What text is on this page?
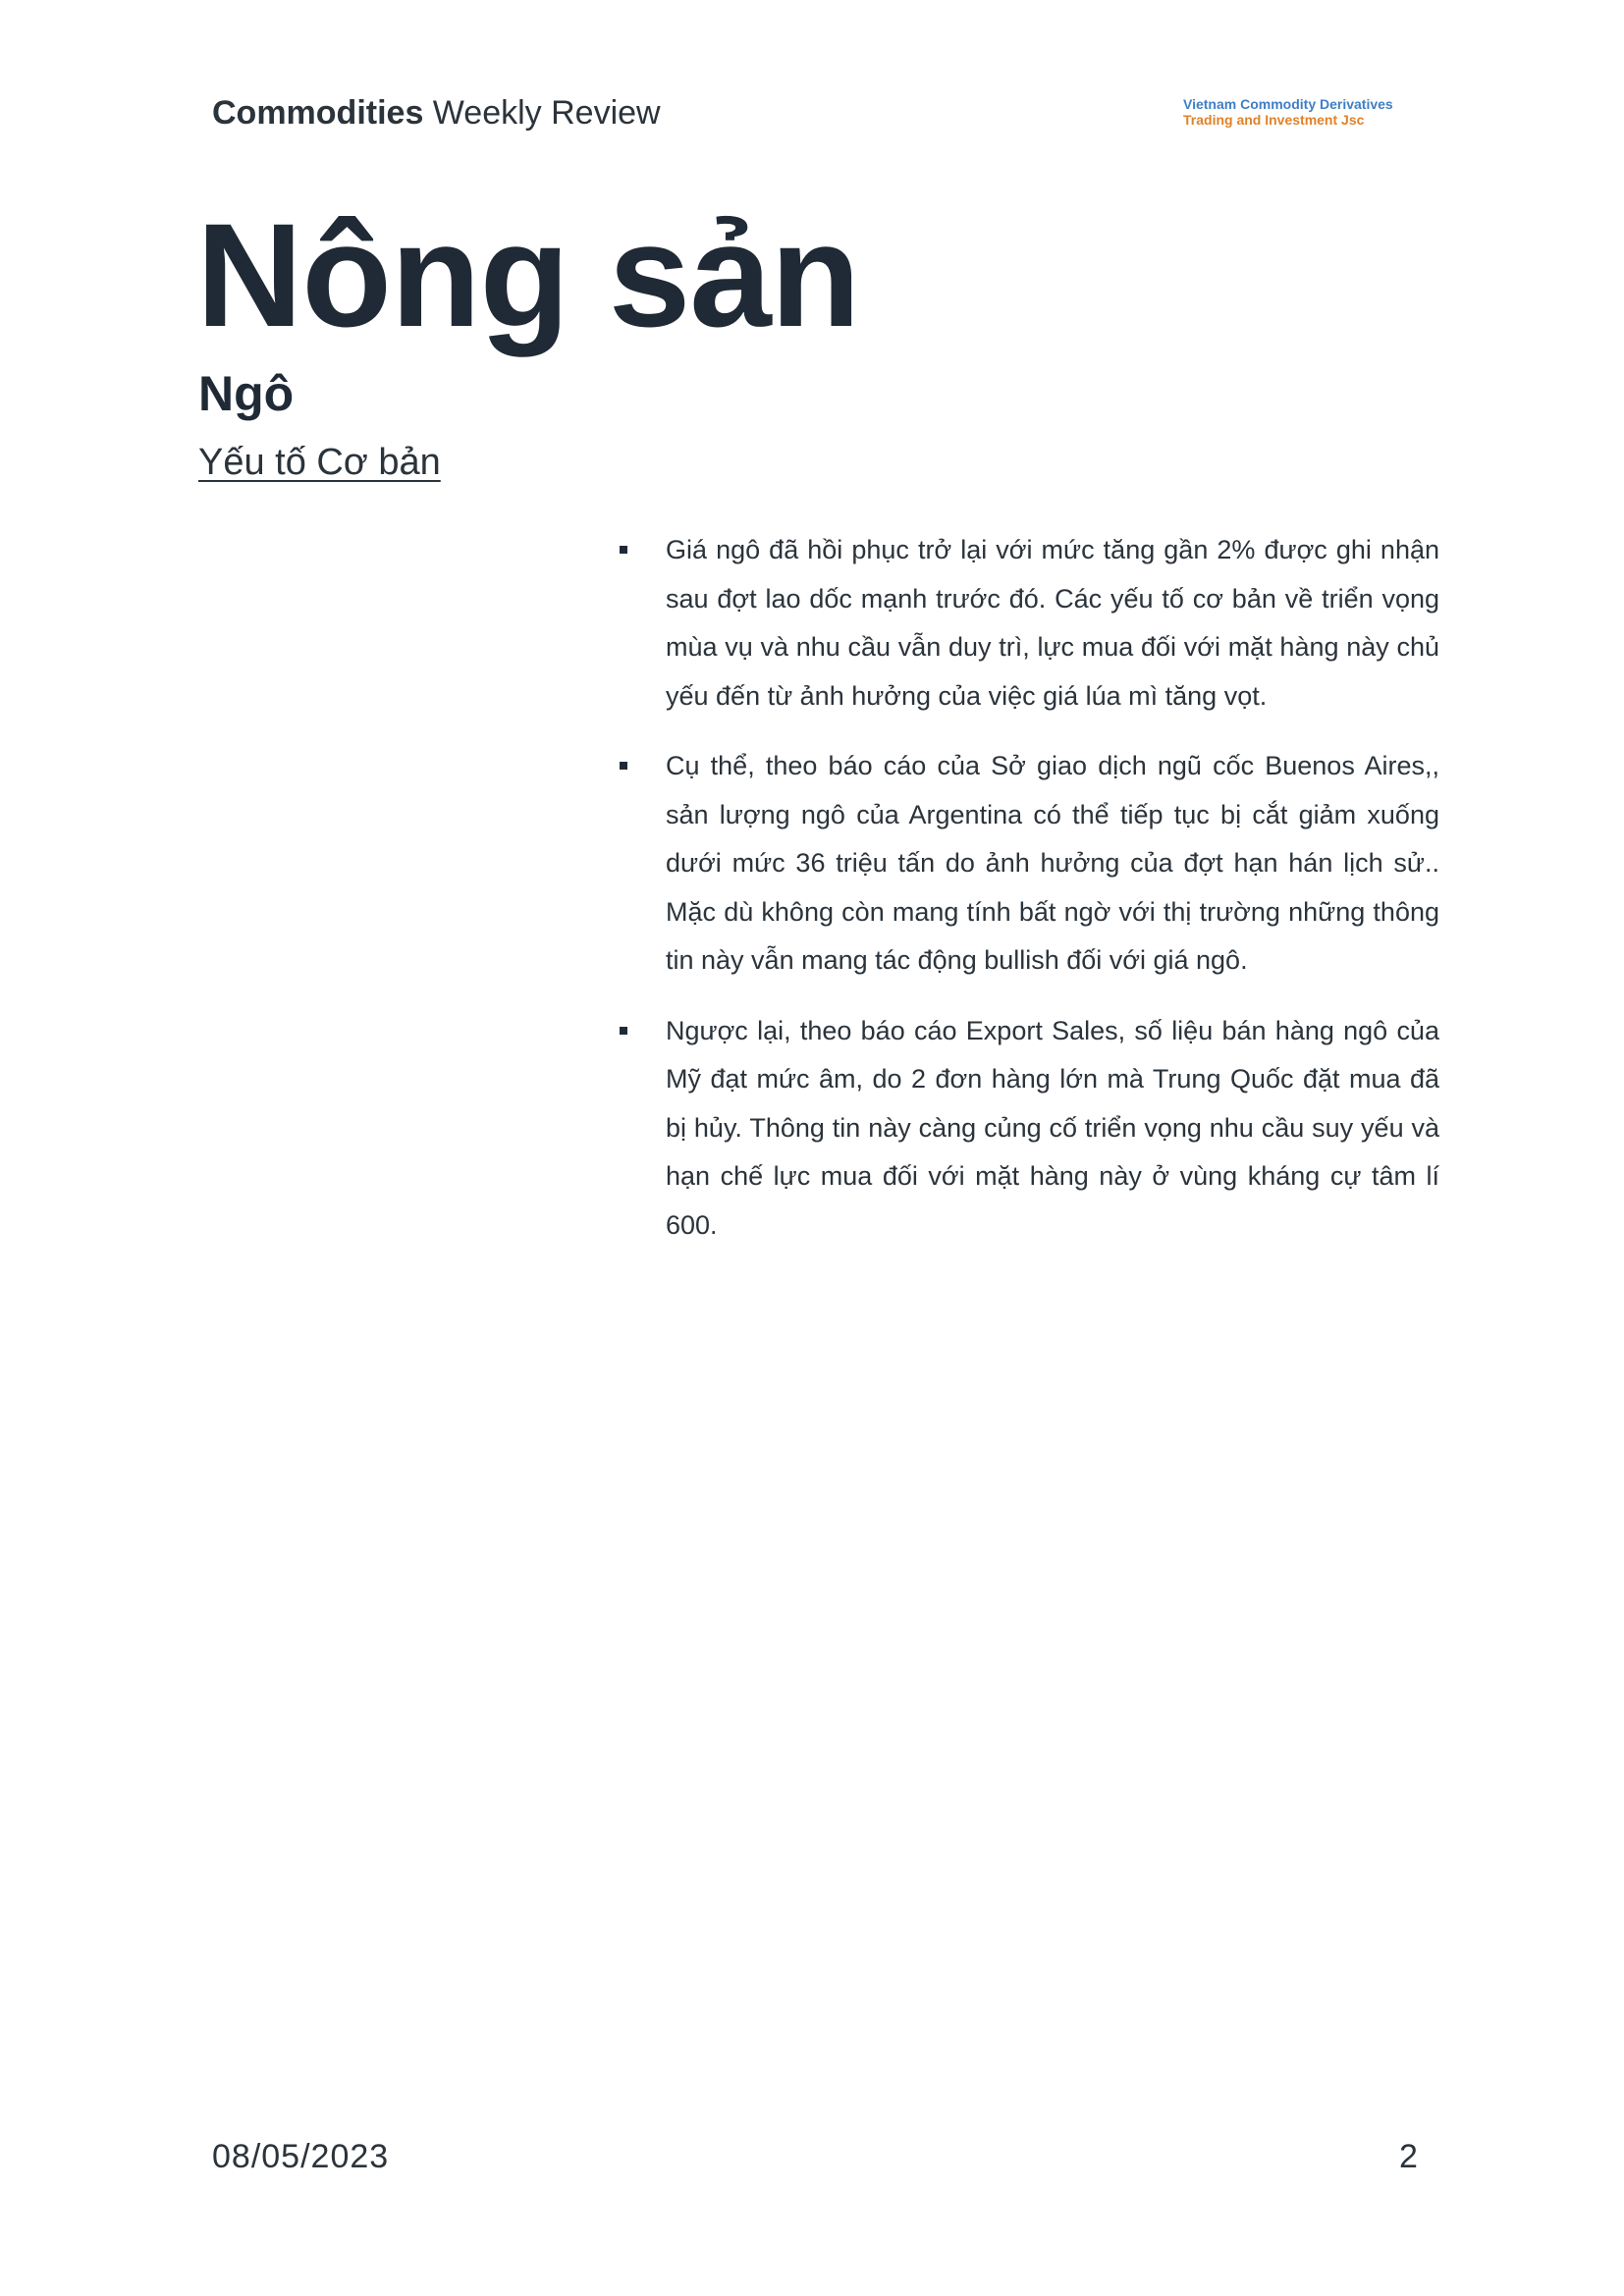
Commodities Weekly Review	Vietnam Commodity Derivatives
Trading and Investment Jsc
Nông sản
Ngô
Yếu tố Cơ bản
Giá ngô đã hồi phục trở lại với mức tăng gần 2% được ghi nhận sau đợt lao dốc mạnh trước đó. Các yếu tố cơ bản về triển vọng mùa vụ và nhu cầu vẫn duy trì, lực mua đối với mặt hàng này chủ yếu đến từ ảnh hưởng của việc giá lúa mì tăng vọt.
Cụ thể, theo báo cáo của Sở giao dịch ngũ cốc Buenos Aires,, sản lượng ngô của Argentina có thể tiếp tục bị cắt giảm xuống dưới mức 36 triệu tấn do ảnh hưởng của đợt hạn hán lịch sử.. Mặc dù không còn mang tính bất ngờ với thị trường những thông tin này vẫn mang tác động bullish đối với giá ngô.
Ngược lại, theo báo cáo Export Sales, số liệu bán hàng ngô của Mỹ đạt mức âm, do 2 đơn hàng lớn mà Trung Quốc đặt mua đã bị hủy. Thông tin này càng củng cố triển vọng nhu cầu suy yếu và hạn chế lực mua đối với mặt hàng này ở vùng kháng cự tâm lí 600.
08/05/2023	2
